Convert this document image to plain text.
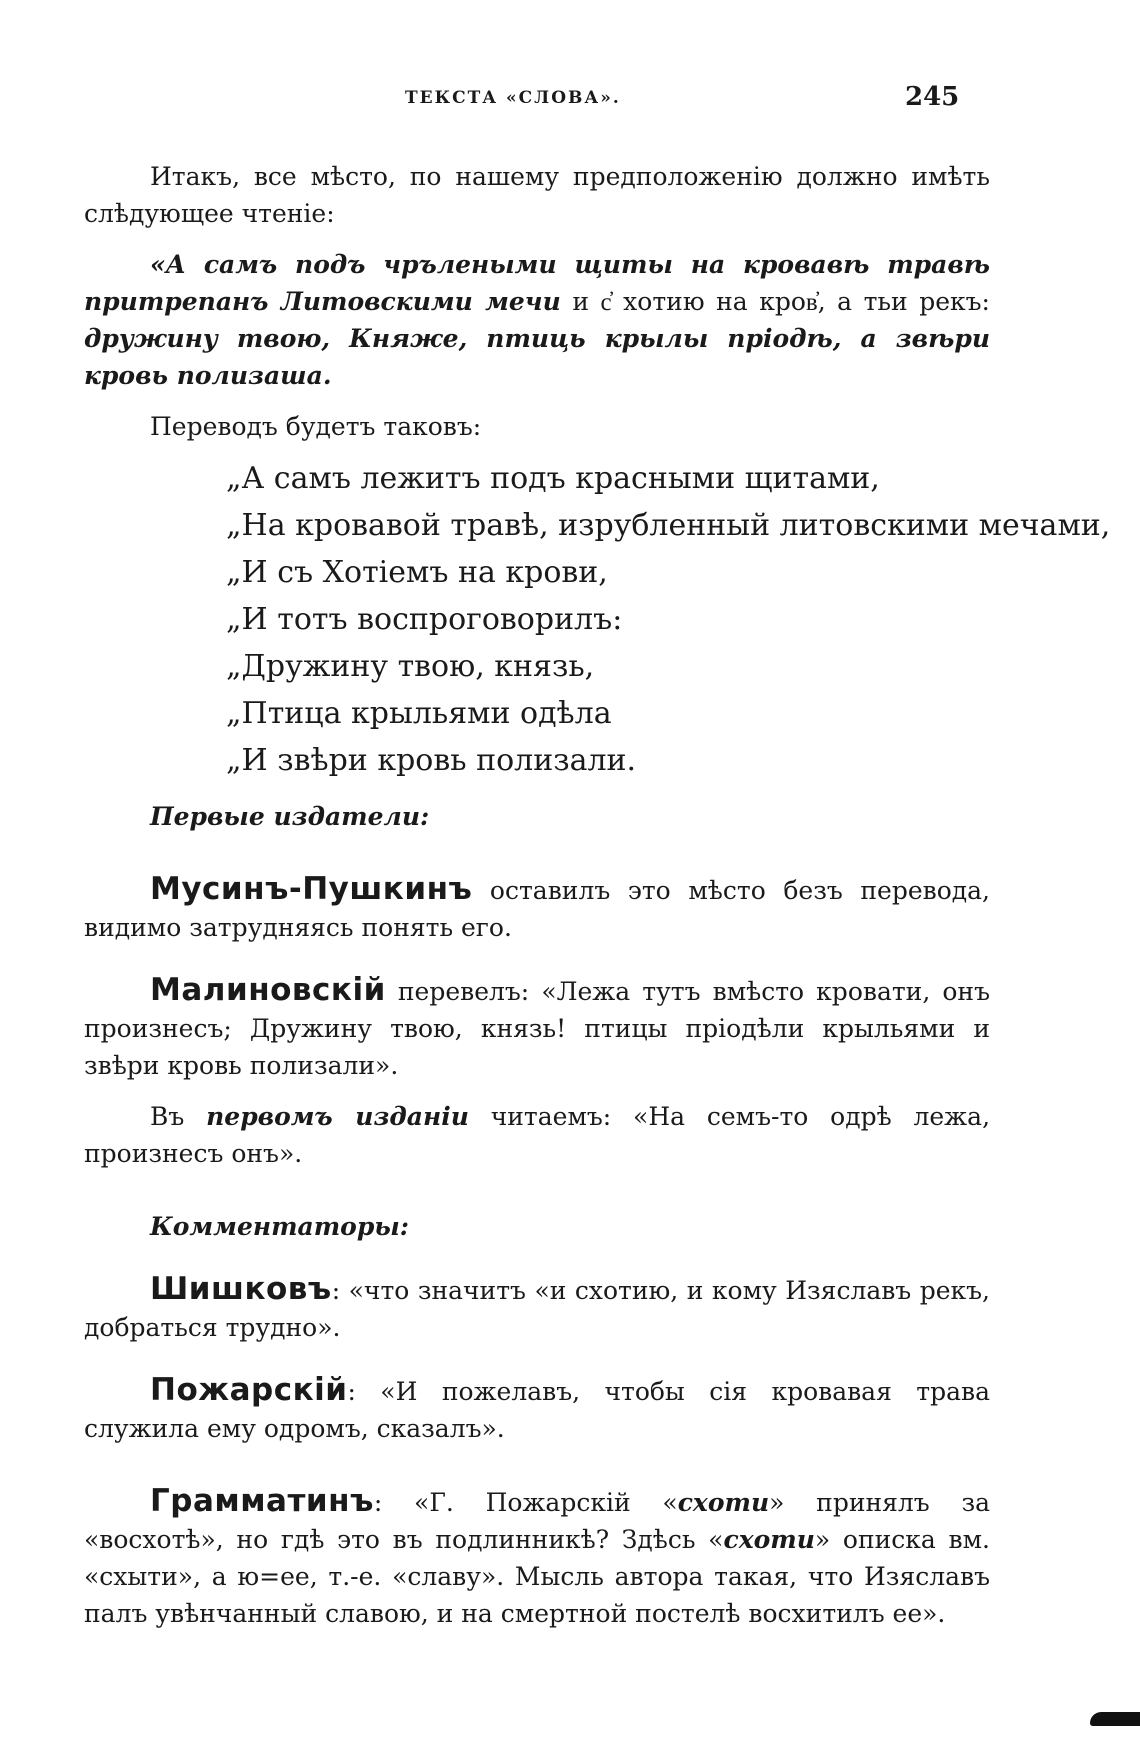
ТЕКСТА «СЛОВА».	245

Итакъ, все мѣсто, по нашему предположенію должно имѣть слѣдующее чтеніе:

«А самъ подъ чрълеными щиты на кровавѣ травѣ притрепанъ Литовскими мечи и с҆ хотию на кров҆, а тьи рекъ: дружину твою, Княже, птиць крылы пріодѣ, а звѣри кровь полизаша.

Переводъ будетъ таковъ:

„А самъ лежитъ подъ красными щитами,
„На кровавой травѣ, изрубленный литовскими мечами,
„И съ Хотіемъ на крови,
„И тотъ воспроговорилъ:
„Дружину твою, князь,
„Птица крыльями одѣла
„И звѣри кровь полизали.

Первые издатели:

Мусинъ-Пушкинъ оставилъ это мѣсто безъ перевода, видимо затрудняясь понять его.

Малиновскій перевелъ: «Лежа тутъ вмѣсто кровати, онъ произнесъ; Дружину твою, князь! птицы пріодѣли крыльями и звѣри кровь полизали».

Въ первомъ изданіи читаемъ: «На семъ-то одрѣ лежа, произнесъ онъ».

Комментаторы:

Шишковъ: «что значитъ «и схотию, и кому Изяславъ рекъ, добраться трудно».

Пожарскій: «И пожелавъ, чтобы сія кровавая трава служила ему одромъ, сказалъ».

Грамматинъ: «Г. Пожарскій «схоти» принялъ за «восхотѣ», но гдѣ это въ подлинникѣ? Здѣсь «схоти» описка вм. «схыти», а ю=ее, т.-е. «славу». Мысль автора такая, что Изяславъ палъ увѣнчанный славою, и на смертной постелѣ восхитилъ ее».
